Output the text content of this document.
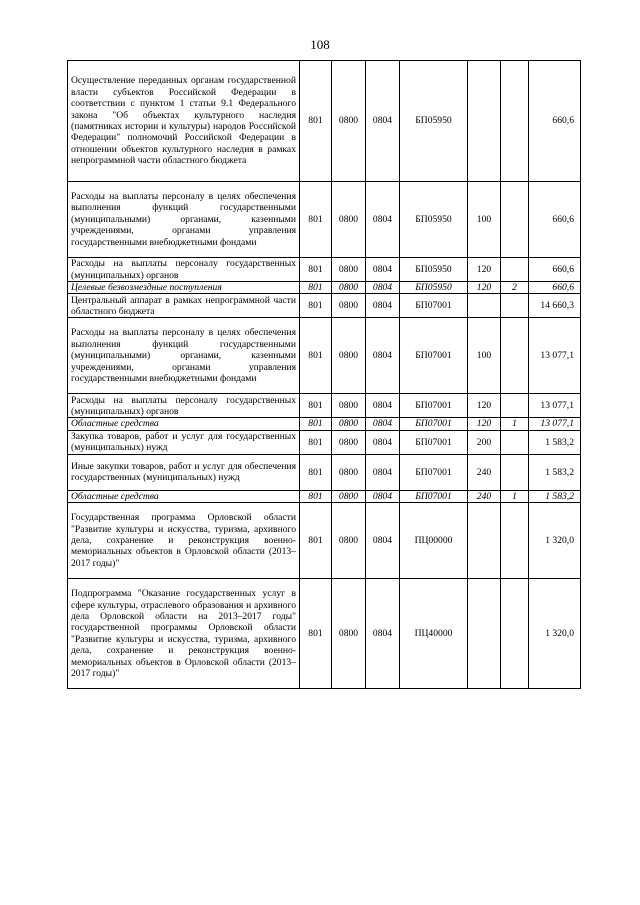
108
Осуществление переданных органам государственной власти субъектов Российской Федерации в соответствии с пунктом 1 статьи 9.1 Федерального закона "Об объектах культурного наследия (памятниках истории и культуры) народов Российской Федерации" полномочий Российской Федерации в отношении объектов культурного наследия в рамках непрограммной части областного бюджета	801	0800	0804	БП05950			660,6
Расходы на выплаты персоналу в целях обеспечения выполнения функций государственными (муниципальными) органами, казенными учреждениями, органами управления государственными внебюджетными фондами	801	0800	0804	БП05950	100		660,6
Расходы на выплаты персоналу государственных (муниципальных) органов	801	0800	0804	БП05950	120		660,6
Целевые безвозмездные поступления	801	0800	0804	БП05950	120	2	660,6
Центральный аппарат в рамках непрограммной части областного бюджета	801	0800	0804	БП07001			14 660,3
Расходы на выплаты персоналу в целях обеспечения выполнения функций государственными (муниципальными) органами, казенными учреждениями, органами управления государственными внебюджетными фондами	801	0800	0804	БП07001	100		13 077,1
Расходы на выплаты персоналу государственных (муниципальных) органов	801	0800	0804	БП07001	120		13 077,1
Областные средства	801	0800	0804	БП07001	120	1	13 077,1
Закупка товаров, работ и услуг для государственных (муниципальных) нужд	801	0800	0804	БП07001	200		1 583,2
Иные закупки товаров, работ и услуг для обеспечения государственных (муниципальных) нужд	801	0800	0804	БП07001	240		1 583,2
Областные средства	801	0800	0804	БП07001	240	1	1 583,2
Государственная программа Орловской области "Развитие культуры и искусства, туризма, архивного дела, сохранение и реконструкция военно-мемориальных объектов в Орловской области (2013–2017 годы)"	801	0800	0804	ПЦ00000			1 320,0
Подпрограмма "Оказание государственных услуг в сфере культуры, отраслевого образования и архивного дела Орловской области на 2013–2017 годы" государственной программы Орловской области "Развитие культуры и искусства, туризма, архивного дела, сохранение и реконструкция военно-мемориальных объектов в Орловской области (2013–2017 годы)"	801	0800	0804	ПЦ40000			1 320,0
